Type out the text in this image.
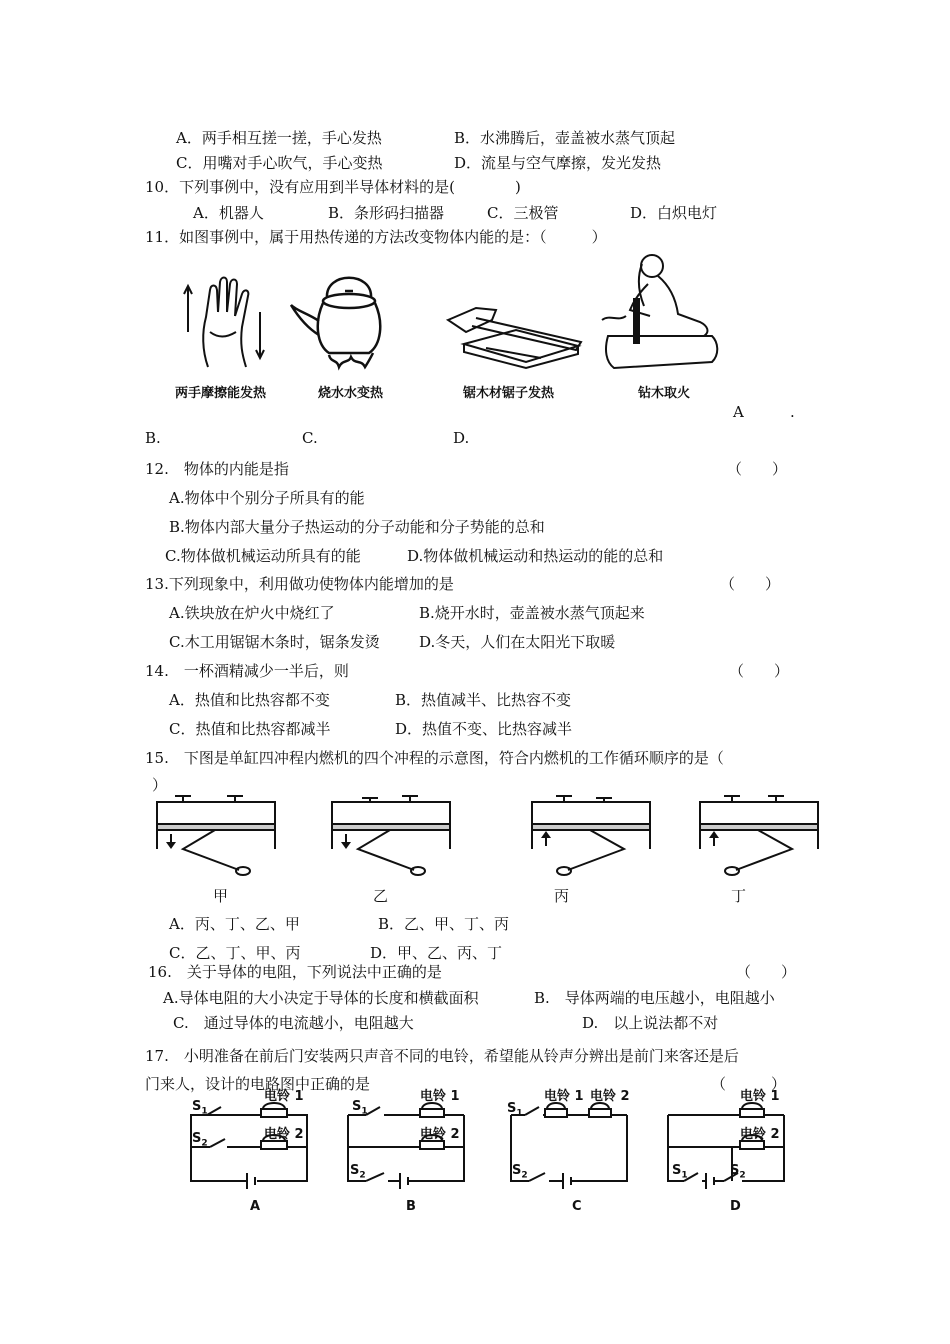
A．两手相互搓一搓，手心发热	B．水沸腾后，壶盖被水蒸气顶起
C．用嘴对手心吹气，手心变热	D．流星与空气摩擦，发光发热
10．下列事例中，没有应用到半导体材料的是(　　　　)
A．机器人	B．条形码扫描器	C．三极管	D．白炽电灯
11．如图事例中，属于用热传递的方法改变物体内能的是：（　　　）
两手摩擦能发热	烧水水变热	锯木材锯子发热	钻木取火
A	.
B.	C.	D.
12.　物体的内能是指	（　　）
A.物体中个别分子所具有的能
B.物体内部大量分子热运动的分子动能和分子势能的总和
C.物体做机械运动所具有的能	D.物体做机械运动和热运动的能的总和
13.下列现象中，利用做功使物体内能增加的是	（　　）
A.铁块放在炉火中烧红了	B.烧开水时，壶盖被水蒸气顶起来
C.木工用锯锯木条时，锯条发烫	D.冬天，人们在太阳光下取暖
14.　一杯酒精减少一半后，则	（　　）
A．热值和比热容都不变	B．热值减半、比热容不变
C．热值和比热容都减半	D．热值不变、比热容减半
15.　下图是单缸四冲程内燃机的四个冲程的示意图，符合内燃机的工作循环顺序的是（
）
甲	乙	丙	丁
A．丙、丁、乙、甲	B．乙、甲、丁、丙
C．乙、丁、甲、丙	D．甲、乙、丙、丁
16.　关于导体的电阻，下列说法中正确的是	（　　）
A.导体电阻的大小决定于导体的长度和横截面积	B.　导体两端的电压越小，电阻越小
C.　通过导体的电流越小，电阻越大	D.　以上说法都不对
17.　小明准备在前后门安装两只声音不同的电铃，希望能从铃声分辨出是前门来客还是后
门来人，设计的电路图中正确的是	（　　　）
$S_1$
$S_2$
电铃 1
电铃 2
$S_1$
$S_2$
电铃 1
电铃 2
$S_1$
$S_2$
电铃 1 电铃 2
$S_1$	$S_2$
电铃 1
电铃 2
A	B	C	D
